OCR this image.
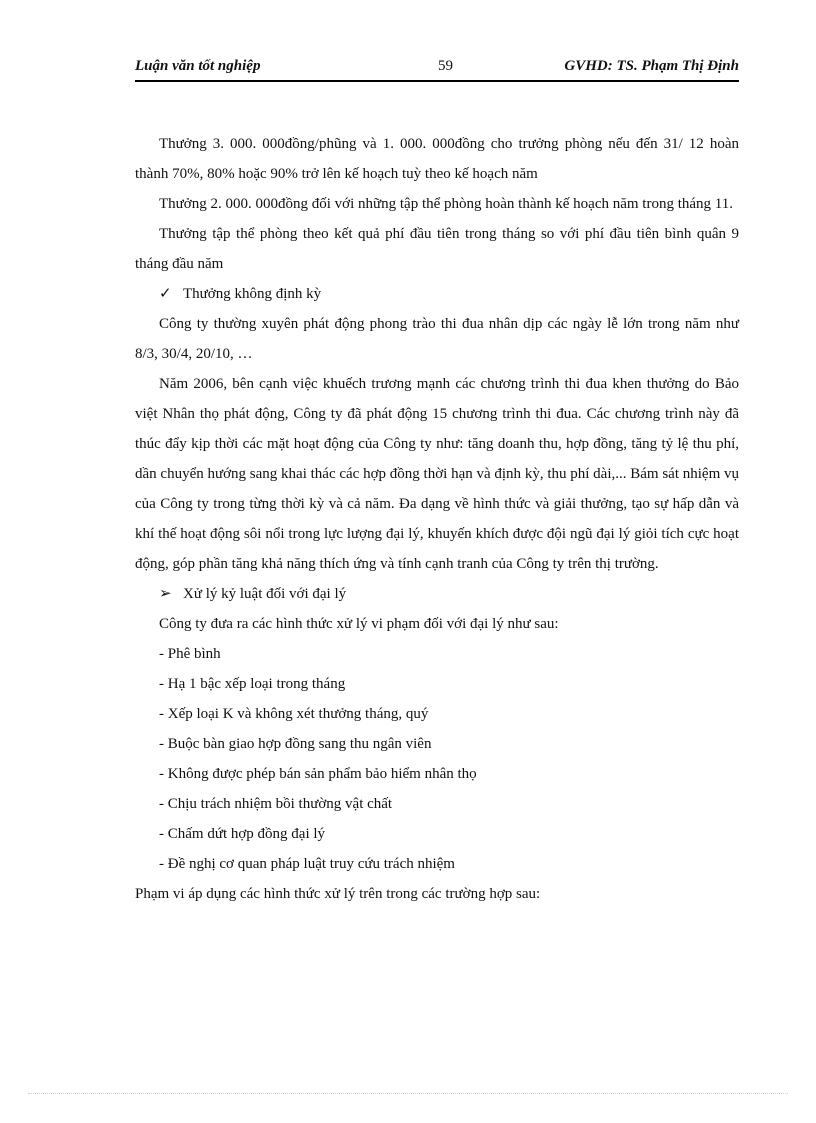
Luận văn tốt nghiệp	59	GVHD: TS. Phạm Thị Định

Thưởng 3. 000. 000đồng/phũng và 1. 000. 000đồng cho trưởng phòng nếu đến 31/ 12 hoàn thành 70%, 80% hoặc 90% trở lên kế hoạch tuỳ theo kế hoạch năm

Thưởng 2. 000. 000đồng đối với những tập thể phòng hoàn thành kế hoạch năm trong tháng 11.

Thưởng tập thể phòng theo kết quả phí đầu tiên trong tháng so với phí đầu tiên bình quân 9 tháng đầu năm

✓ Thưởng không định kỳ

Công ty thường xuyên phát động phong trào thi đua nhân dịp các ngày lễ lớn trong năm như 8/3, 30/4, 20/10, …

Năm 2006, bên cạnh việc khuếch trương mạnh các chương trình thi đua khen thưởng do Bảo việt Nhân thọ phát động, Công ty đã phát động 15 chương trình thi đua. Các chương trình này đã thúc đẩy kịp thời các mặt hoạt động của Công ty như: tăng doanh thu, hợp đồng, tăng tỷ lệ thu phí, dần chuyển hướng sang khai thác các hợp đồng thời hạn và định kỳ, thu phí dài,... Bám sát nhiệm vụ của Công ty trong từng thời kỳ và cả năm. Đa dạng về hình thức và giải thưởng, tạo sự hấp dẫn và khí thế hoạt động sôi nổi trong lực lượng đại lý, khuyến khích được đội ngũ đại lý giỏi tích cực hoạt động, góp phần tăng khả năng thích ứng và tính cạnh tranh của Công ty trên thị trường.

➢ Xử lý kỷ luật đối với đại lý

Công ty đưa ra các hình thức xử lý vi phạm đối với đại lý như sau:

- Phê bình

- Hạ 1 bậc xếp loại trong tháng

- Xếp loại K và không xét thưởng tháng, quý

- Buộc bàn giao hợp đồng sang thu ngân viên

- Không được phép bán sản phẩm bảo hiểm nhân thọ

- Chịu trách nhiệm bồi thường vật chất

- Chấm dứt hợp đồng đại lý

- Đề nghị cơ quan pháp luật truy cứu trách nhiệm

Phạm vi áp dụng các hình thức xử lý trên trong các trường hợp sau:
